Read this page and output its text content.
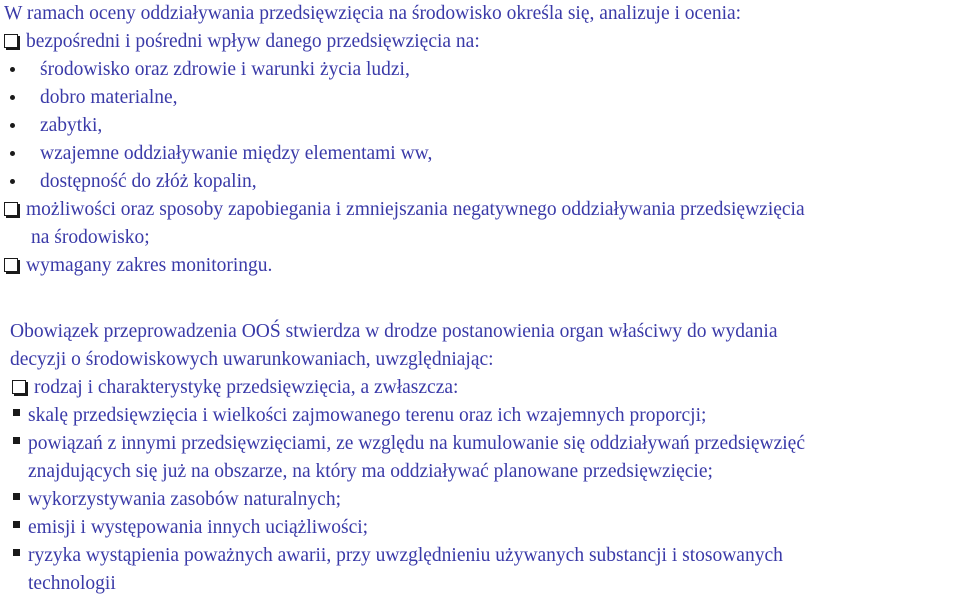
W ramach oceny oddziaływania przedsięwzięcia na środowisko określa się, analizuje i ocenia:
bezpośredni i pośredni wpływ danego przedsięwzięcia na:
środowisko oraz zdrowie i warunki życia ludzi,
dobro materialne,
zabytki,
wzajemne oddziaływanie między elementami ww,
dostępność do złóż kopalin,
możliwości oraz sposoby zapobiegania i zmniejszania negatywnego oddziaływania przedsięwzięcia
na środowisko;
wymagany zakres monitoringu.
Obowiązek przeprowadzenia OOŚ stwierdza w drodze postanowienia organ właściwy do wydania
decyzji o środowiskowych uwarunkowaniach, uwzględniając:
rodzaj i charakterystykę przedsięwzięcia, a zwłaszcza:
skalę przedsięwzięcia i wielkości zajmowanego terenu oraz ich wzajemnych proporcji;
powiązań z innymi przedsięwzięciami, ze względu na kumulowanie się oddziaływań przedsięwzięć
znajdujących się już na obszarze, na który ma oddziaływać planowane przedsięwzięcie;
wykorzystywania zasobów naturalnych;
emisji i występowania innych uciążliwości;
ryzyka wystąpienia poważnych awarii, przy uwzględnieniu używanych substancji i stosowanych
technologii
